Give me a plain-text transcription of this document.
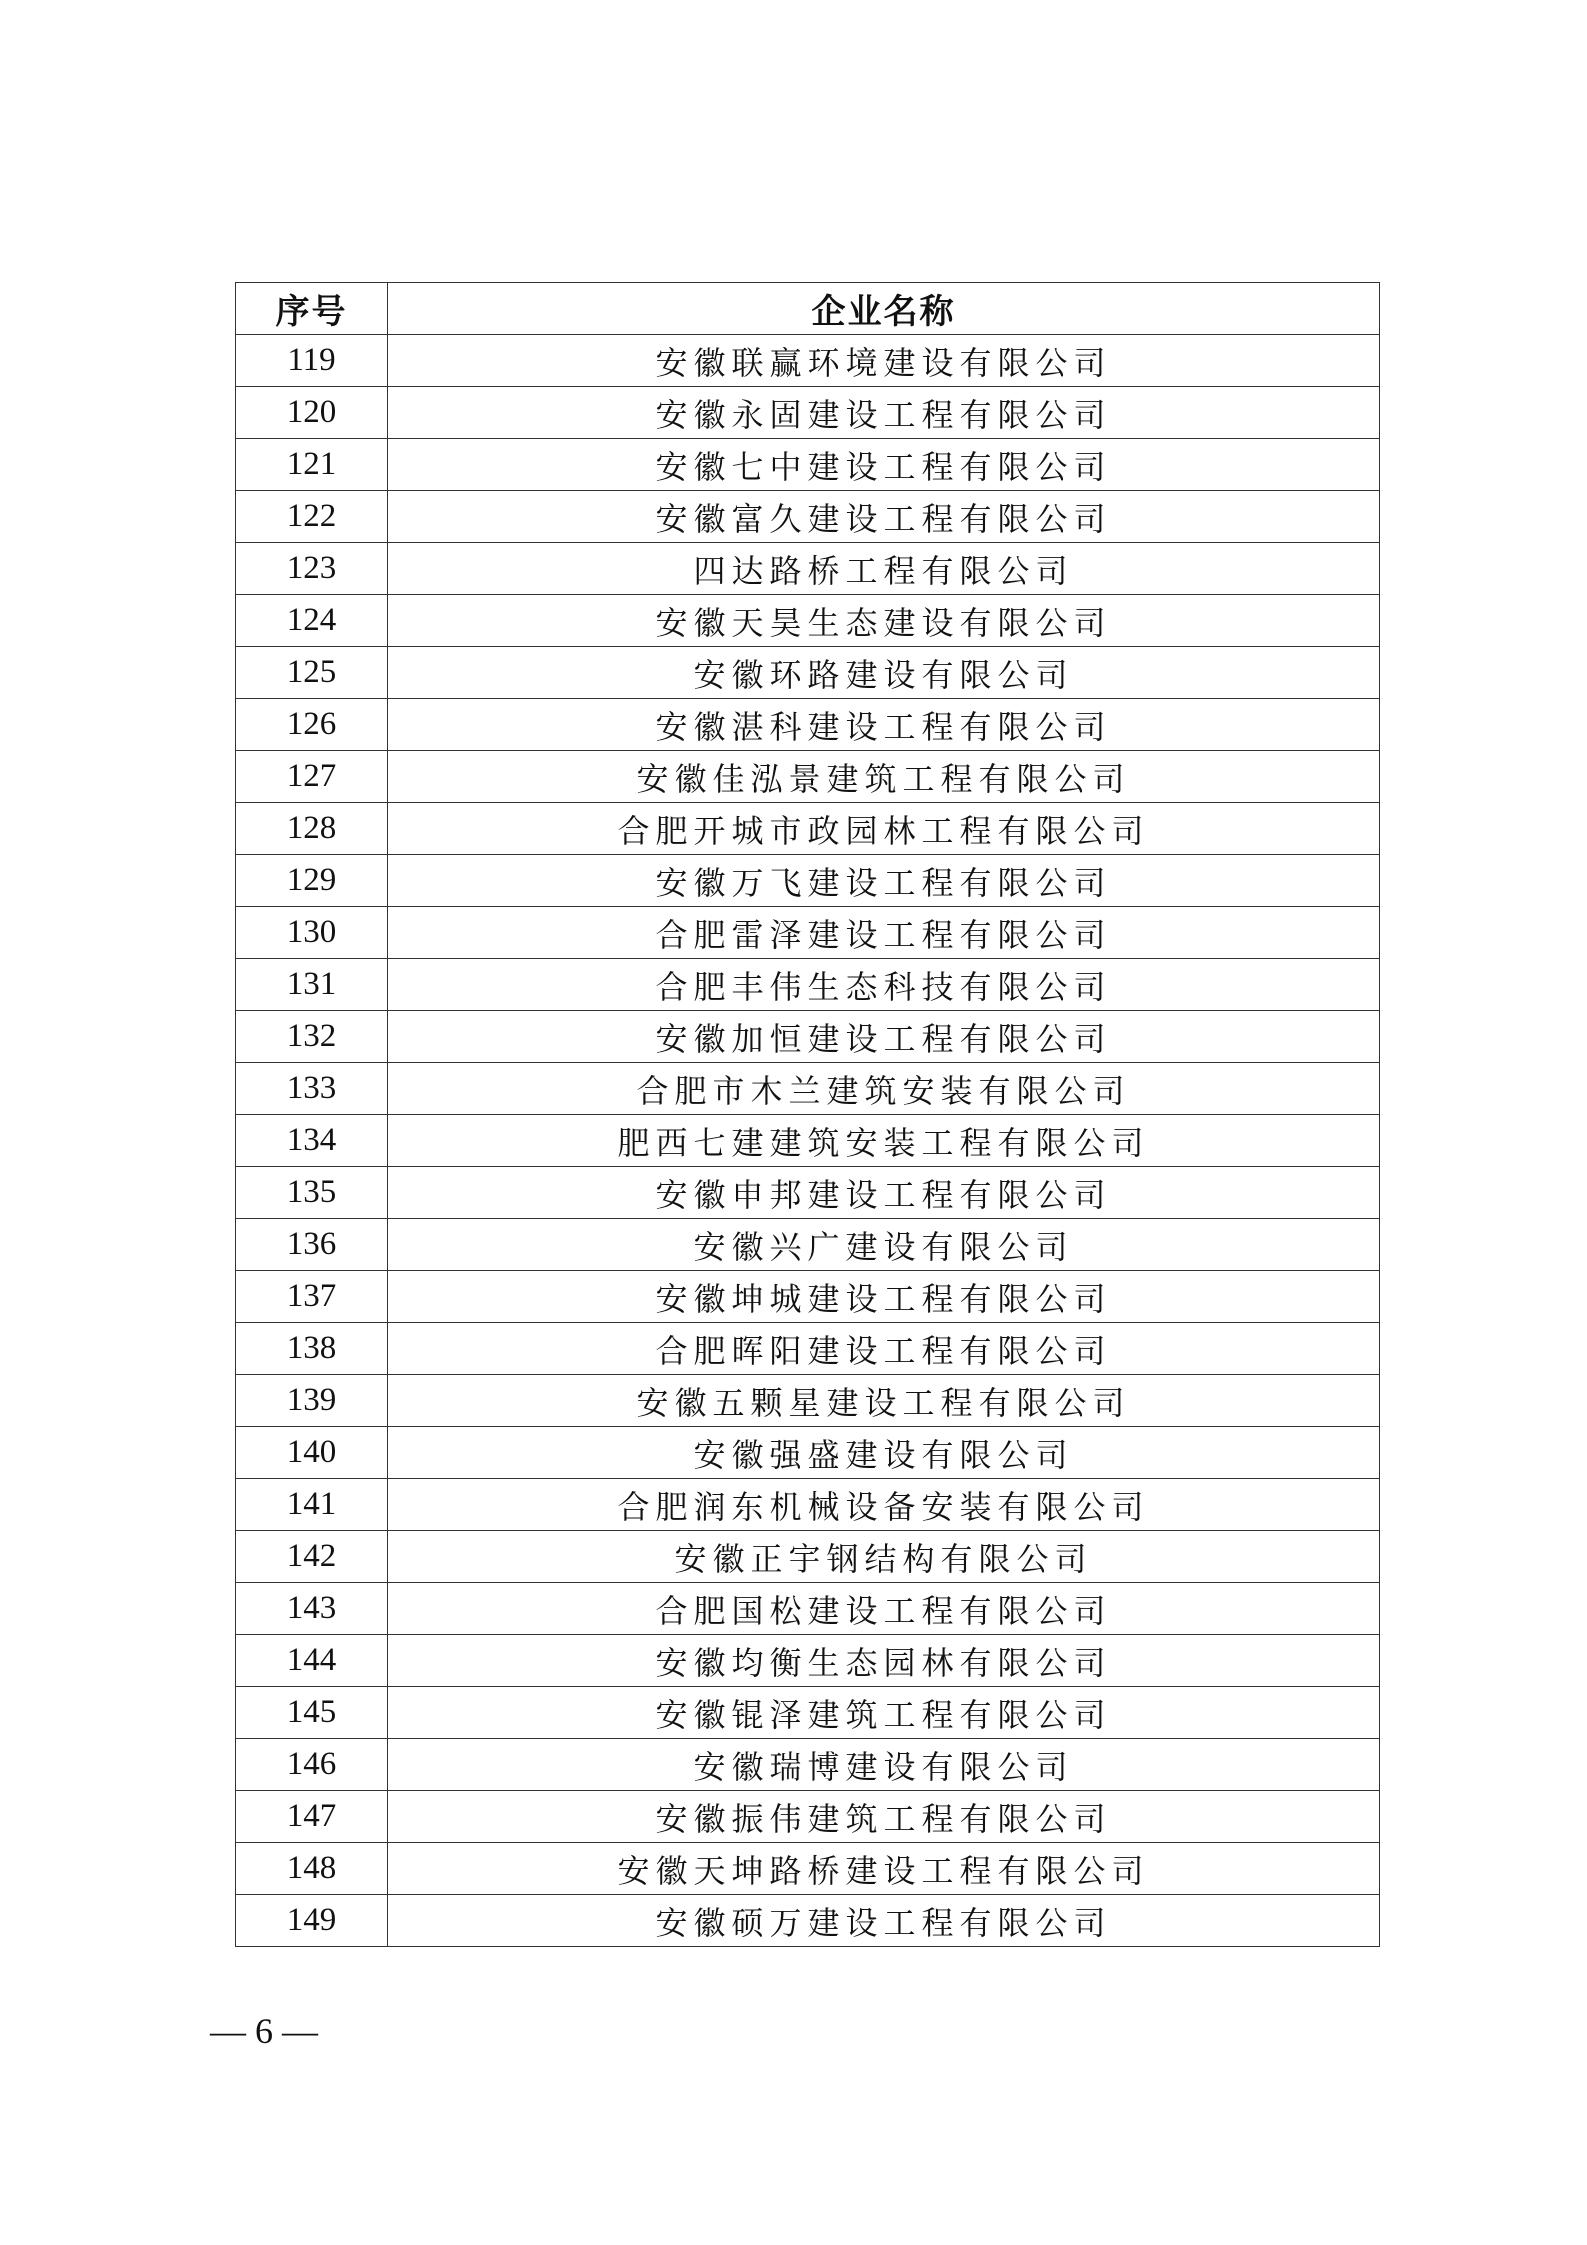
序号	企业名称
119	安徽联赢环境建设有限公司
120	安徽永固建设工程有限公司
121	安徽七中建设工程有限公司
122	安徽富久建设工程有限公司
123	四达路桥工程有限公司
124	安徽天昊生态建设有限公司
125	安徽环路建设有限公司
126	安徽湛科建设工程有限公司
127	安徽佳泓景建筑工程有限公司
128	合肥开城市政园林工程有限公司
129	安徽万飞建设工程有限公司
130	合肥雷泽建设工程有限公司
131	合肥丰伟生态科技有限公司
132	安徽加恒建设工程有限公司
133	合肥市木兰建筑安装有限公司
134	肥西七建建筑安装工程有限公司
135	安徽申邦建设工程有限公司
136	安徽兴广建设有限公司
137	安徽坤城建设工程有限公司
138	合肥晖阳建设工程有限公司
139	安徽五颗星建设工程有限公司
140	安徽强盛建设有限公司
141	合肥润东机械设备安装有限公司
142	安徽正宇钢结构有限公司
143	合肥国松建设工程有限公司
144	安徽均衡生态园林有限公司
145	安徽锟泽建筑工程有限公司
146	安徽瑞博建设有限公司
147	安徽振伟建筑工程有限公司
148	安徽天坤路桥建设工程有限公司
149	安徽硕万建设工程有限公司
— 6 —
